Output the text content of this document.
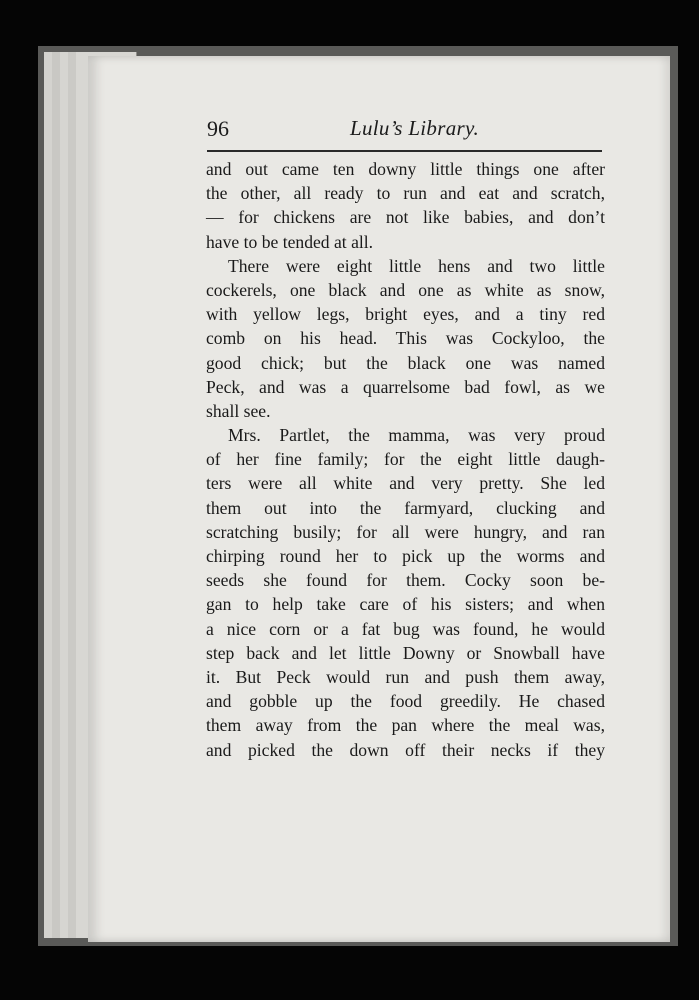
96	Lulu’s Library.
and out came ten downy little things one after
the other, all ready to run and eat and scratch,
— for chickens are not like babies, and don’t
have to be tended at all.
There were eight little hens and two little
cockerels, one black and one as white as snow,
with yellow legs, bright eyes, and a tiny red
comb on his head. This was Cockyloo, the
good chick; but the black one was named
Peck, and was a quarrelsome bad fowl, as we
shall see.
Mrs. Partlet, the mamma, was very proud
of her fine family; for the eight little daugh-
ters were all white and very pretty. She led
them out into the farmyard, clucking and
scratching busily; for all were hungry, and ran
chirping round her to pick up the worms and
seeds she found for them. Cocky soon be-
gan to help take care of his sisters; and when
a nice corn or a fat bug was found, he would
step back and let little Downy or Snowball have
it. But Peck would run and push them away,
and gobble up the food greedily. He chased
them away from the pan where the meal was,
and picked the down off their necks if they
